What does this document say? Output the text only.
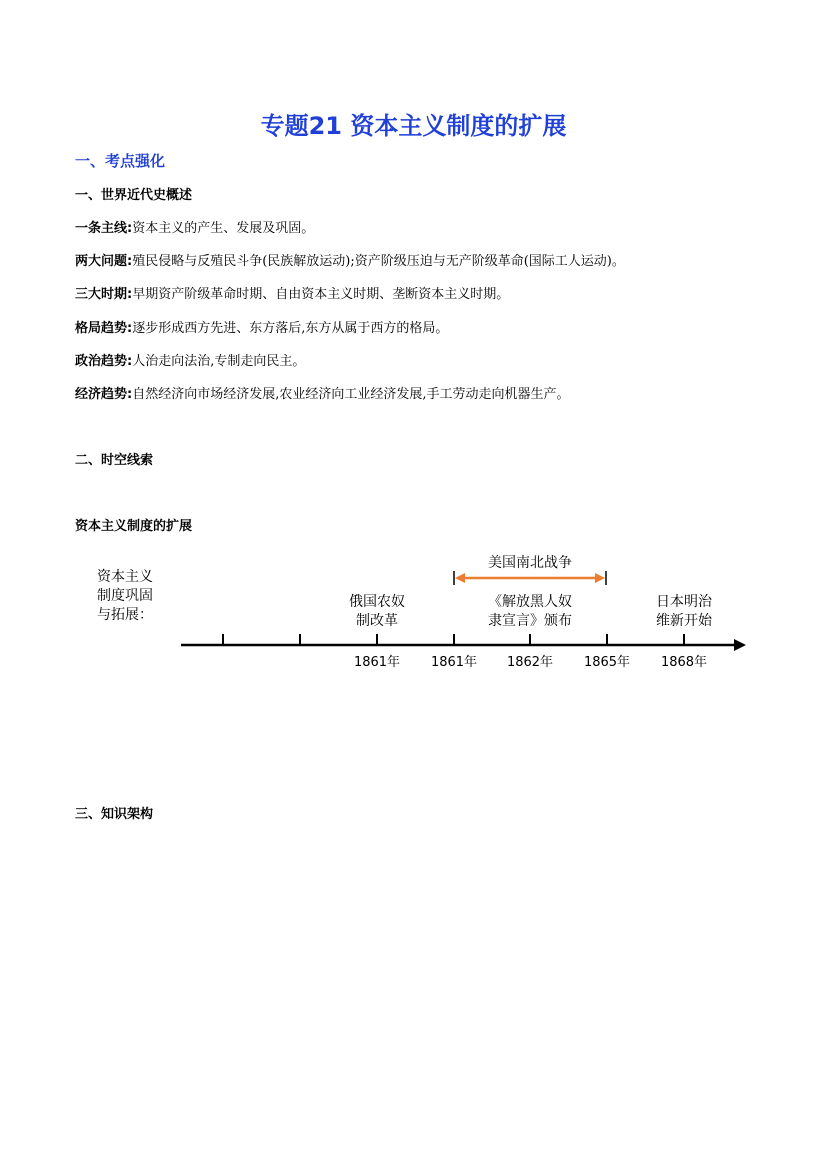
专题21 资本主义制度的扩展
一、考点强化
一、世界近代史概述
一条主线:资本主义的产生、发展及巩固。
两大问题:殖民侵略与反殖民斗争(民族解放运动);资产阶级压迫与无产阶级革命(国际工人运动)。
三大时期:早期资产阶级革命时期、自由资本主义时期、垄断资本主义时期。
格局趋势:逐步形成西方先进、东方落后,东方从属于西方的格局。
政治趋势:人治走向法治,专制走向民主。
经济趋势:自然经济向市场经济发展,农业经济向工业经济发展,手工劳动走向机器生产。
二、时空线索
资本主义制度的扩展
资本主义
制度巩固
与拓展：
美国南北战争
俄国农奴
制改革
《解放黑人奴
隶宣言》颁布
日本明治
维新开始
1861年	1861年	1862年	1865年	1868年
三、知识架构
